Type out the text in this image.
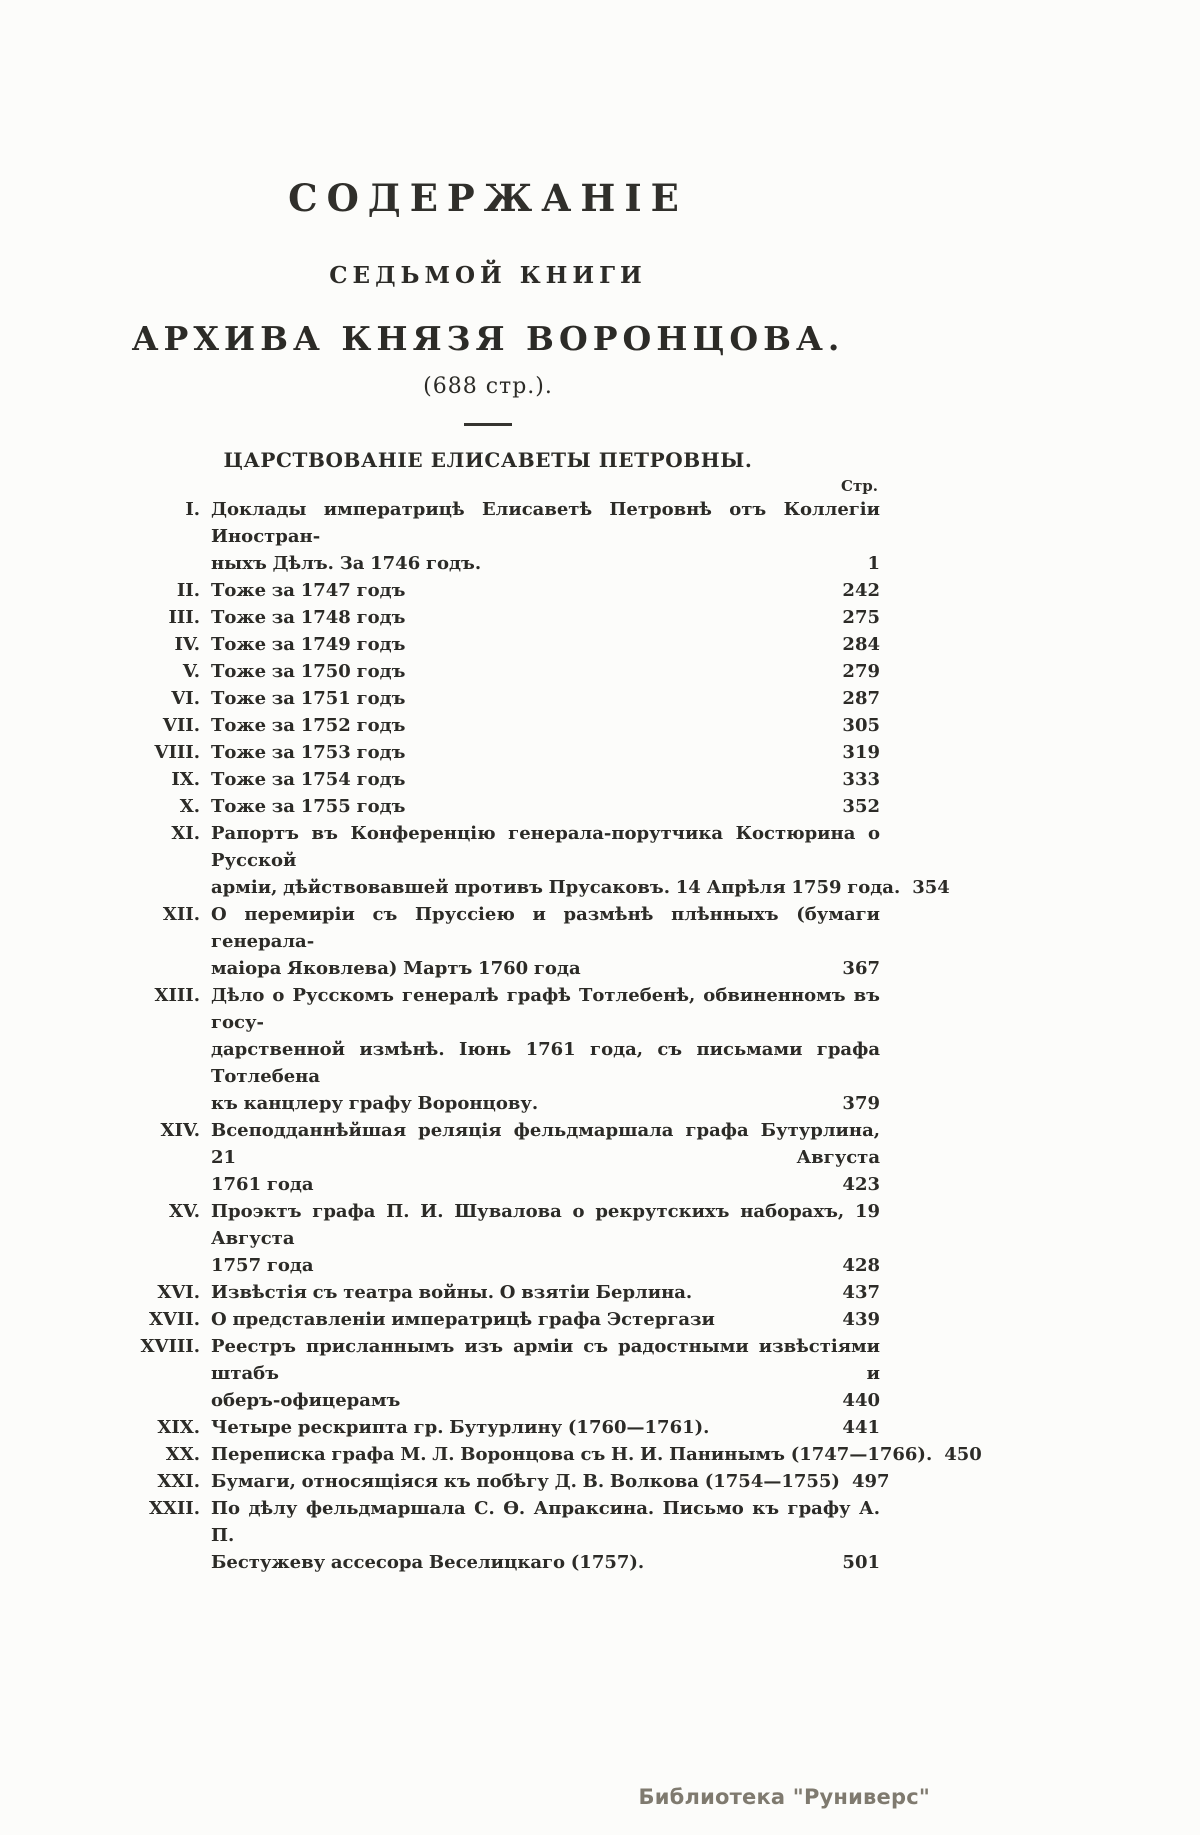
СОДЕРЖАНІЕ
СЕДЬМОЙ КНИГИ
АРХИВА КНЯЗЯ ВОРОНЦОВА.
(688 стр.).
ЦАРСТВОВАНІЕ ЕЛИСАВЕТЫ ПЕТРОВНЫ.
Стр.
I. Доклады императрицѣ Елисаветѣ Петровнѣ отъ Коллегіи Иностран-
ныхъ Дѣлъ. За 1746 годъ.	1
II. Тоже за 1747 годъ	242
III. Тоже за 1748 годъ	275
IV. Тоже за 1749 годъ	284
V. Тоже за 1750 годъ	279
VI. Тоже за 1751 годъ	287
VII. Тоже за 1752 годъ	305
VIII. Тоже за 1753 годъ	319
IX. Тоже за 1754 годъ	333
X. Тоже за 1755 годъ	352
XI. Рапортъ въ Конференцію генерала-порутчика Костюрина о Русской
арміи, дѣйствовавшей противъ Прусаковъ. 14 Апрѣля 1759 года. 354
XII. О перемиріи съ Пруссіею и размѣнѣ плѣнныхъ (бумаги генерала-
маіора Яковлева) Мартъ 1760 года	367
XIII. Дѣло о Русскомъ генералѣ графѣ Тотлебенѣ, обвиненномъ въ госу-
дарственной измѣнѣ. Іюнь 1761 года, съ письмами графа Тотлебена
къ канцлеру графу Воронцову.	379
XIV. Всеподданнѣйшая реляція фельдмаршала графа Бутурлина, 21 Августа
1761 года	423
XV. Проэктъ графа П. И. Шувалова о рекрутскихъ наборахъ, 19 Августа
1757 года	428
XVI. Извѣстія съ театра войны. О взятіи Берлина.	437
XVII. О представленіи императрицѣ графа Эстергази	439
XVIII. Реестръ присланнымъ изъ арміи съ радостными извѣстіями штабъ и
оберъ-офицерамъ	440
XIX. Четыре рескрипта гр. Бутурлину (1760—1761).	441
XX. Переписка графа М. Л. Воронцова съ Н. И. Панинымъ (1747—1766). 450
XXI. Бумаги, относящіяся къ побѣгу Д. В. Волкова (1754—1755) 497
XXII. По дѣлу фельдмаршала С. Ѳ. Апраксина. Письмо къ графу А. П.
Бестужеву ассесора Веселицкаго (1757).	501
Библиотека "Руниверс"
